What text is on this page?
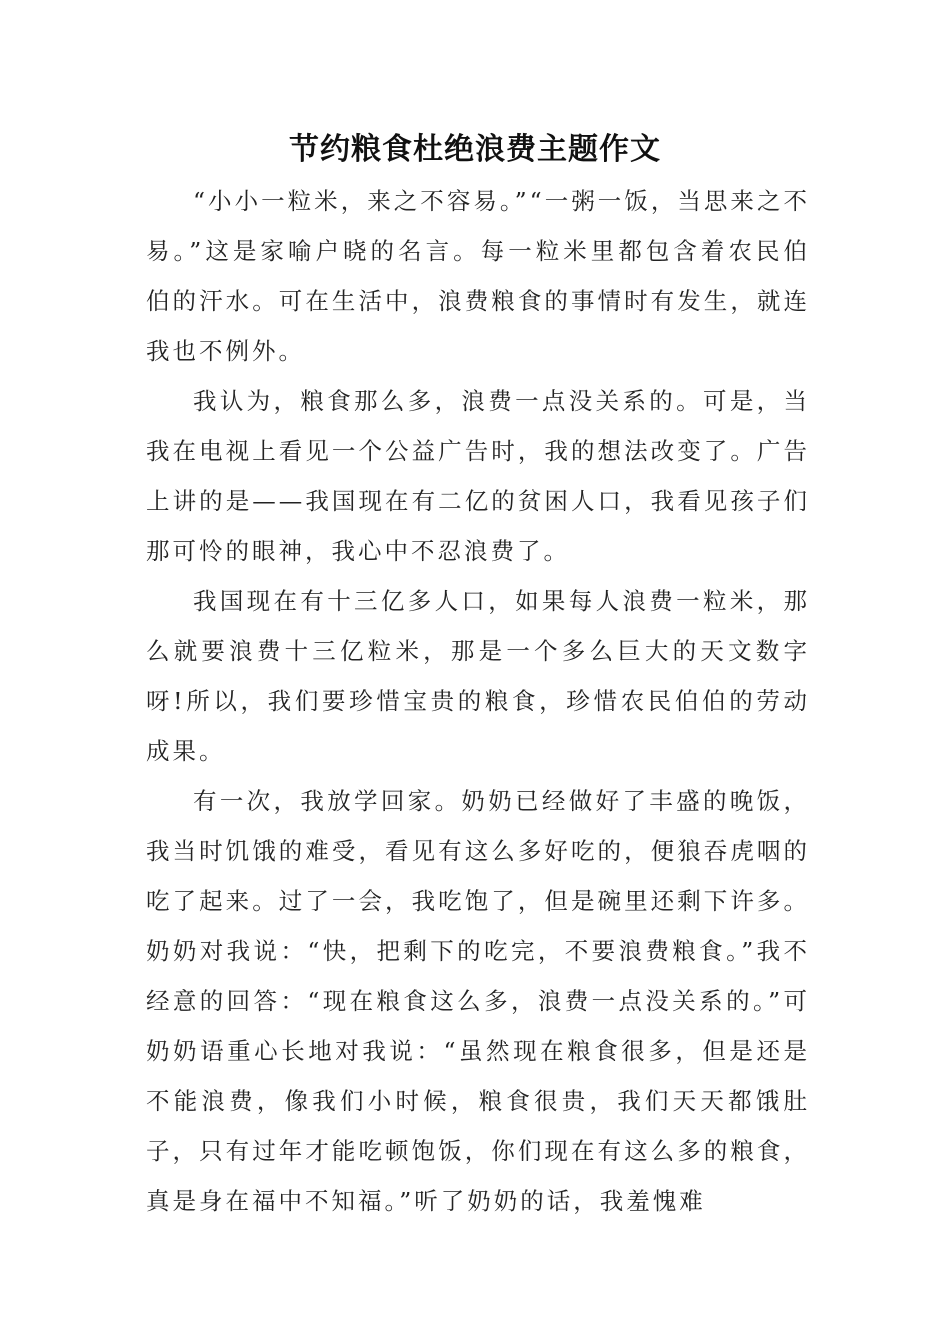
节约粮食杜绝浪费主题作文

“小小一粒米，来之不容易。”“一粥一饭，当思来之不易。”这是家喻户晓的名言。每一粒米里都包含着农民伯伯的汗水。可在生活中，浪费粮食的事情时有发生，就连我也不例外。

我认为，粮食那么多，浪费一点没关系的。可是，当我在电视上看见一个公益广告时，我的想法改变了。广告上讲的是——我国现在有二亿的贫困人口，我看见孩子们那可怜的眼神，我心中不忍浪费了。

我国现在有十三亿多人口，如果每人浪费一粒米，那么就要浪费十三亿粒米，那是一个多么巨大的天文数字呀!所以，我们要珍惜宝贵的粮食，珍惜农民伯伯的劳动成果。

有一次，我放学回家。奶奶已经做好了丰盛的晚饭，我当时饥饿的难受，看见有这么多好吃的，便狼吞虎咽的吃了起来。过了一会，我吃饱了，但是碗里还剩下许多。奶奶对我说：“快，把剩下的吃完，不要浪费粮食。”我不经意的回答：“现在粮食这么多，浪费一点没关系的。”可奶奶语重心长地对我说：“虽然现在粮食很多，但是还是不能浪费，像我们小时候，粮食很贵，我们天天都饿肚子，只有过年才能吃顿饱饭，你们现在有这么多的粮食，真是身在福中不知福。”听了奶奶的话，我羞愧难
